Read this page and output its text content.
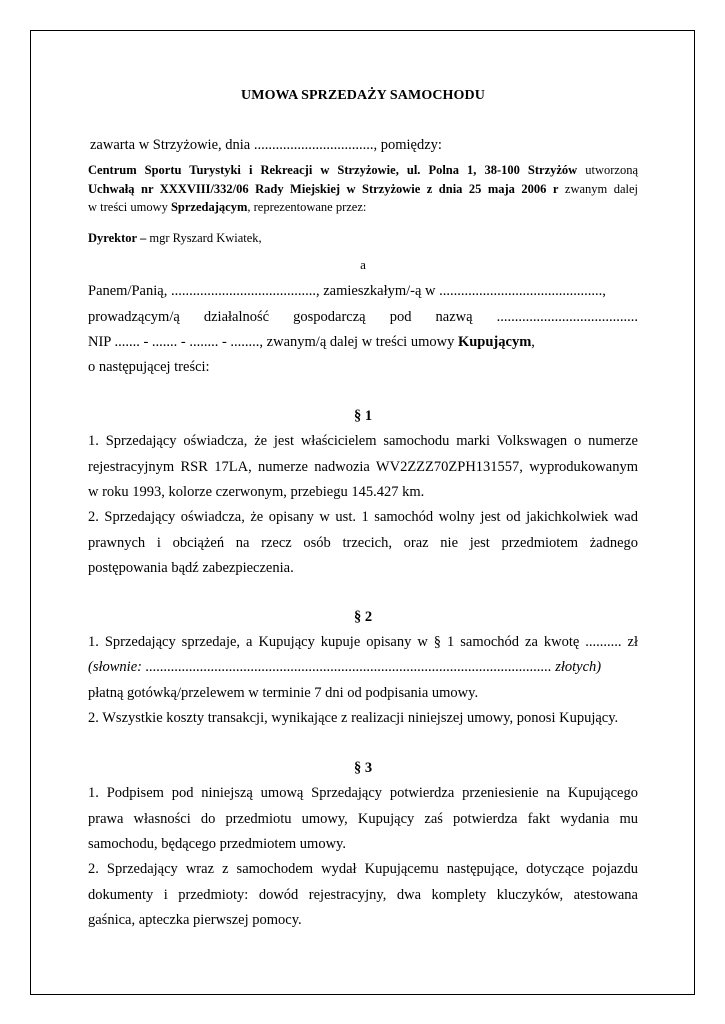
UMOWA SPRZEDAŻY SAMOCHODU
zawarta w Strzyżowie, dnia ................................., pomiędzy:
Centrum Sportu Turystyki i Rekreacji w Strzyżowie, ul. Polna 1, 38-100 Strzyżów utworzoną
Uchwałą nr XXXVIII/332/06 Rady Miejskiej w Strzyżowie z dnia 25 maja 2006 r zwanym dalej
w treści umowy Sprzedającym, reprezentowane przez:
Dyrektor – mgr Ryszard Kwiatek,
a
Panem/Panią, ........................................, zamieszkałym/-ą w .............................................,
prowadzącym/ą działalność gospodarczą pod nazwą .......................................
NIP ....... - ....... - ........ - ........, zwanym/ą dalej w treści umowy Kupującym,
o następującej treści:
§ 1
1. Sprzedający oświadcza, że jest właścicielem samochodu marki Volkswagen o numerze
rejestracyjnym RSR 17LA, numerze nadwozia WV2ZZZ70ZPH131557, wyprodukowanym
w roku 1993, kolorze czerwonym, przebiegu 145.427 km.
2. Sprzedający oświadcza, że opisany w ust. 1 samochód wolny jest od jakichkolwiek wad
prawnych i obciążeń na rzecz osób trzecich, oraz nie jest przedmiotem żadnego
postępowania bądź zabezpieczenia.
§ 2
1. Sprzedający sprzedaje, a Kupujący kupuje opisany w § 1 samochód za kwotę .......... zł
(słownie: ................................................................................................................ złotych)
płatną gotówką/przelewem w terminie 7 dni od podpisania umowy.
2. Wszystkie koszty transakcji, wynikające z realizacji niniejszej umowy, ponosi Kupujący.
§ 3
1. Podpisem pod niniejszą umową Sprzedający potwierdza przeniesienie na Kupującego
prawa własności do przedmiotu umowy, Kupujący zaś potwierdza fakt wydania mu
samochodu, będącego przedmiotem umowy.
2. Sprzedający wraz z samochodem wydał Kupującemu następujące, dotyczące pojazdu
dokumenty i przedmioty: dowód rejestracyjny, dwa komplety kluczyków, atestowana
gaśnica, apteczka pierwszej pomocy.
